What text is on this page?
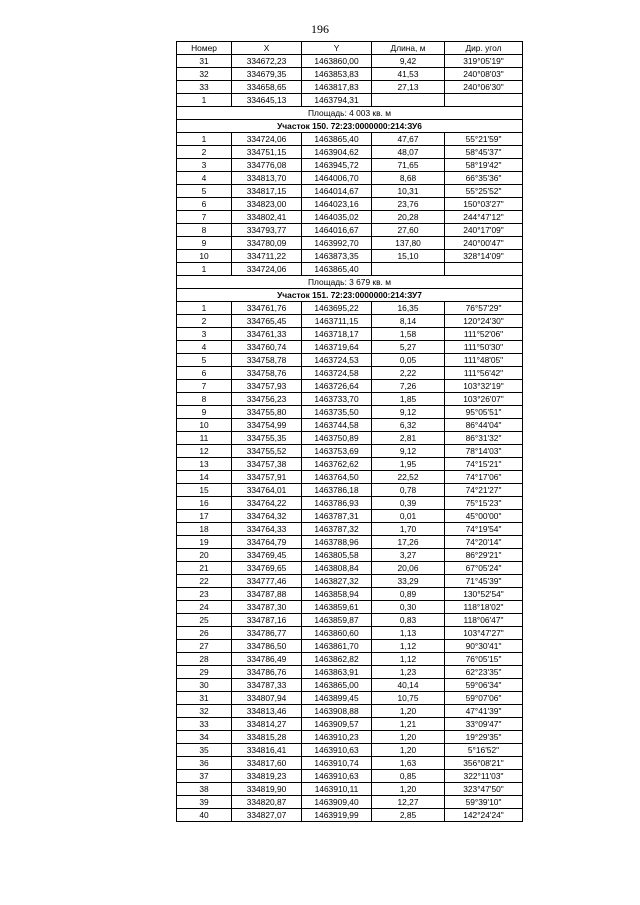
196
Номер	X	Y	Длина, м	Дир. угол
31	334672,23	1463860,00	9,42	319°05'19"
32	334679,35	1463853,83	41,53	240°08'03"
33	334658,65	1463817,83	27,13	240°06'30"
1	334645,13	1463794,31		
Площадь: 4 003 кв. м				
Участок 150. 72:23:0000000:214:ЗУ6				
1	334724,06	1463865,40	47,67	55°21'59"
2	334751,15	1463904,62	48,07	58°45'37"
3	334776,08	1463945,72	71,65	58°19'42"
4	334813,70	1464006,70	8,68	66°35'36"
5	334817,15	1464014,67	10,31	55°25'52"
6	334823,00	1464023,16	23,76	150°03'27"
7	334802,41	1464035,02	20,28	244°47'12"
8	334793,77	1464016,67	27,60	240°17'09"
9	334780,09	1463992,70	137,80	240°00'47"
10	334711,22	1463873,35	15,10	328°14'09"
1	334724,06	1463865,40		
Площадь: 3 679 кв. м				
Участок 151. 72:23:0000000:214:ЗУ7				
1	334761,76	1463695,22	16,35	76°57'29"
2	334765,45	1463711,15	8,14	120°24'30"
3	334761,33	1463718,17	1,58	111°52'06"
4	334760,74	1463719,64	5,27	111°50'30"
5	334758,78	1463724,53	0,05	111°48'05"
6	334758,76	1463724,58	2,22	111°56'42"
7	334757,93	1463726,64	7,26	103°32'19"
8	334756,23	1463733,70	1,85	103°26'07"
9	334755,80	1463735,50	9,12	95°05'51"
10	334754,99	1463744,58	6,32	86°44'04"
11	334755,35	1463750,89	2,81	86°31'32"
12	334755,52	1463753,69	9,12	78°14'03"
13	334757,38	1463762,62	1,95	74°15'21"
14	334757,91	1463764,50	22,52	74°17'06"
15	334764,01	1463786,18	0,78	74°21'27"
16	334764,22	1463786,93	0,39	75°15'23"
17	334764,32	1463787,31	0,01	45°00'00"
18	334764,33	1463787,32	1,70	74°19'54"
19	334764,79	1463788,96	17,26	74°20'14"
20	334769,45	1463805,58	3,27	86°29'21"
21	334769,65	1463808,84	20,06	67°05'24"
22	334777,46	1463827,32	33,29	71°45'39"
23	334787,88	1463858,94	0,89	130°52'54"
24	334787,30	1463859,61	0,30	118°18'02"
25	334787,16	1463859,87	0,83	118°06'47"
26	334786,77	1463860,60	1,13	103°47'27"
27	334786,50	1463861,70	1,12	90°30'41"
28	334786,49	1463862,82	1,12	76°05'15"
29	334786,76	1463863,91	1,23	62°23'35"
30	334787,33	1463865,00	40,14	59°06'34"
31	334807,94	1463899,45	10,75	59°07'06"
32	334813,46	1463908,88	1,20	47°41'39"
33	334814,27	1463909,57	1,21	33°09'47"
34	334815,28	1463910,23	1,20	19°29'35"
35	334816,41	1463910,63	1,20	5°16'52"
36	334817,60	1463910,74	1,63	356°08'21"
37	334819,23	1463910,63	0,85	322°11'03"
38	334819,90	1463910,11	1,20	323°47'50"
39	334820,87	1463909,40	12,27	59°39'10"
40	334827,07	1463919,99	2,85	142°24'24"
